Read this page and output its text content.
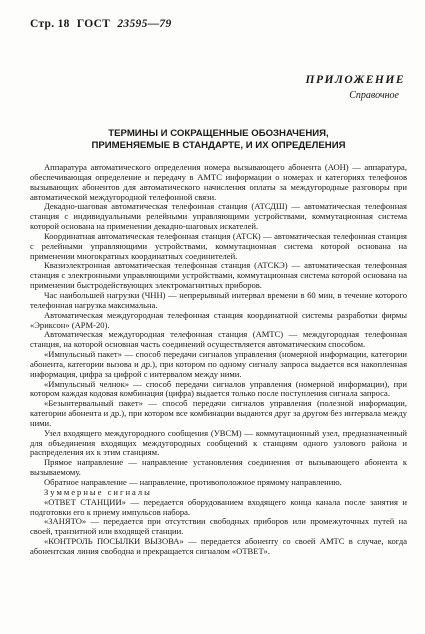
Стр. 18 ГОСТ 23595—79
ПРИЛОЖЕНИЕ
Справочное
ТЕРМИНЫ И СОКРАЩЕННЫЕ ОБОЗНАЧЕНИЯ,
ПРИМЕНЯЕМЫЕ В СТАНДАРТЕ, И ИХ ОПРЕДЕЛЕНИЯ

Аппаратура автоматического определения номера вызывающего абонента (АОН) — аппаратура, обеспечивающая определение и передачу в АМТС информации о номерах и категориях телефонов вызывающих абонентов для автоматического начисления оплаты за междугородные разговоры при автоматической междугородной телефонной связи.

Декадно-шаговая автоматическая телефонная станция (АТСДШ) — автоматическая телефонная станция с индивидуальными релейными управляющими устройствами, коммутационная система которой основана на применении декадно-шаговых искателей.

Координатная автоматическая телефонная станция (АТСК) — автоматическая телефонная станция с релейными управляющими устройствами, коммутационная система которой основана на применении многократных координатных соединителей.

Квазиэлектронная автоматическая телефонная станция (АТСКЭ) — автоматическая телефонная станция с электронными управляющими устройствами, коммутационная система которой основана на применении быстродействующих электромагнитных приборов.

Час наибольшей нагрузки (ЧНН) — непрерывный интервал времени в 60 мин, в течение которого телефонная нагрузка максимальна.

Автоматическая междугородная телефонная станция координатной системы разработки фирмы «Эриксон» (АРМ-20).

Автоматическая междугородная телефонная станция (АМТС) — междугородная телефонная станция, на которой основная часть соединений осуществляется автоматическим способом.

«Импульсный пакет» — способ передачи сигналов управления (номерной информации, категории абонента, категории вызова и др.), при котором по одному сигналу запроса выдается вся накопленная информация, цифра за цифрой с интервалом между ними.

«Импульсный челнок» — способ передачи сигналов управления (номерной информации), при котором каждая кодовая комбинация (цифра) выдается только после поступления сигнала запроса.

«Безынтервальный пакет» — способ передачи сигналов управления (полезной информации, категории абонента и др.), при котором все комбинации выдаются друг за другом без интервала между ними.

Узел входящего междугородного сообщения (УВСМ) — коммутационный узел, предназначенный для объединения входящих междугородных сообщений к станциям одного узлового района и распределения их к этим станциям.

Прямое направление — направление установления соединения от вызывающего абонента к вызываемому.

Обратное направление — направление, противоположное прямому направлению.

Зуммерные сигналы

«ОТВЕТ СТАНЦИИ» — передается оборудованием входящего конца канала после занятия и подготовки его к приему импульсов набора.

«ЗАНЯТО» — передается при отсутствии свободных приборов или промежуточных путей на своей, транзитной или входящей станции.

«КОНТРОЛЬ ПОСЫЛКИ ВЫЗОВА» — передается абоненту со своей АМТС в случае, когда абонентская линия свободна и прекращается сигналом «ОТВЕТ».
